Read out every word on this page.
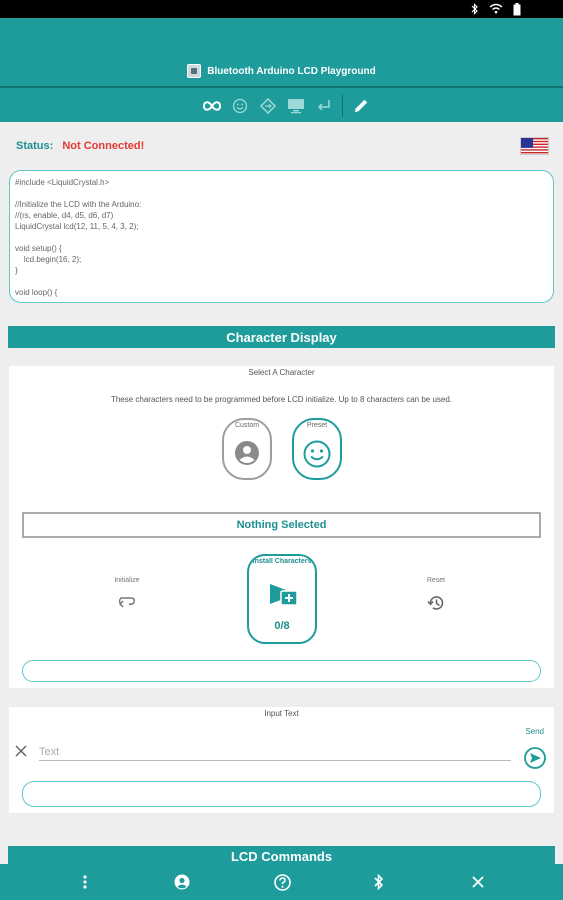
Bluetooth Arduino LCD Playground
Status: Not Connected!
#include <LiquidCrystal.h>

//Initialize the LCD with the Arduino:
//(rs, enable, d4, d5, d6, d7)
LiquidCrystal lcd(12, 11, 5, 4, 3, 2);

void setup() {
lcd.begin(16, 2);
}

void loop() {
Character Display
Select A Character
These characters need to be programmed before LCD initialize. Up to 8 characters can be used.
Custom	Preset
Nothing Selected
Initialize
Install Characters
0/8
Reset
Input Text
Send
Text
LCD Commands
